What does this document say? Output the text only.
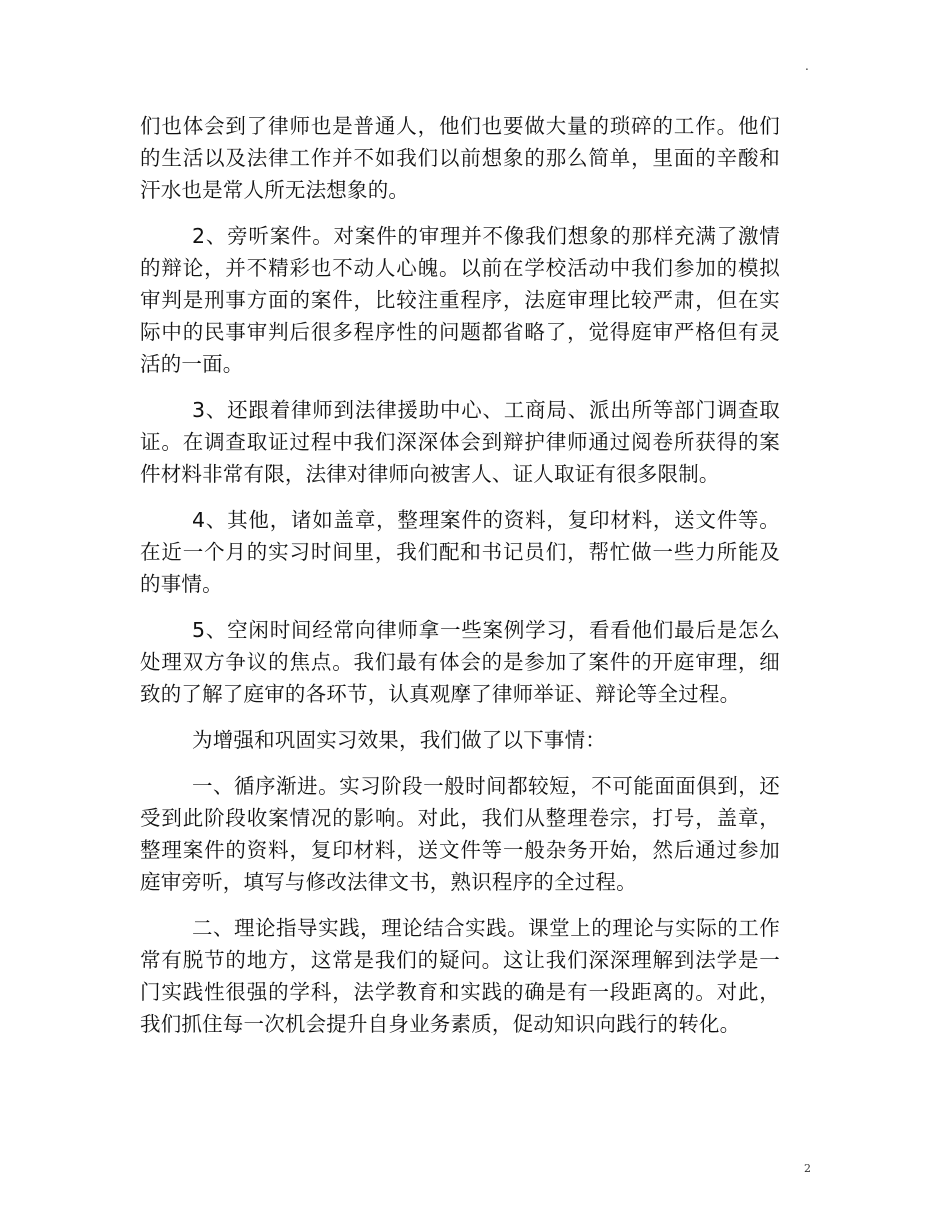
.

们也体会到了律师也是普通人，他们也要做大量的琐碎的工作。他们的生活以及法律工作并不如我们以前想象的那么简单，里面的辛酸和汗水也是常人所无法想象的。

2、旁听案件。对案件的审理并不像我们想象的那样充满了激情的辩论，并不精彩也不动人心魄。以前在学校活动中我们参加的模拟审判是刑事方面的案件，比较注重程序，法庭审理比较严肃，但在实际中的民事审判后很多程序性的问题都省略了，觉得庭审严格但有灵活的一面。

3、还跟着律师到法律援助中心、工商局、派出所等部门调查取证。在调查取证过程中我们深深体会到辩护律师通过阅卷所获得的案件材料非常有限，法律对律师向被害人、证人取证有很多限制。

4、其他，诸如盖章，整理案件的资料，复印材料，送文件等。在近一个月的实习时间里，我们配和书记员们，帮忙做一些力所能及的事情。

5、空闲时间经常向律师拿一些案例学习，看看他们最后是怎么处理双方争议的焦点。我们最有体会的是参加了案件的开庭审理，细致的了解了庭审的各环节，认真观摩了律师举证、辩论等全过程。

为增强和巩固实习效果，我们做了以下事情：

一、循序渐进。实习阶段一般时间都较短，不可能面面俱到，还受到此阶段收案情况的影响。对此，我们从整理卷宗，打号，盖章，整理案件的资料，复印材料，送文件等一般杂务开始，然后通过参加庭审旁听，填写与修改法律文书，熟识程序的全过程。

二、理论指导实践，理论结合实践。课堂上的理论与实际的工作常有脱节的地方，这常是我们的疑问。这让我们深深理解到法学是一门实践性很强的学科，法学教育和实践的确是有一段距离的。对此，我们抓住每一次机会提升自身业务素质，促动知识向践行的转化。

2
